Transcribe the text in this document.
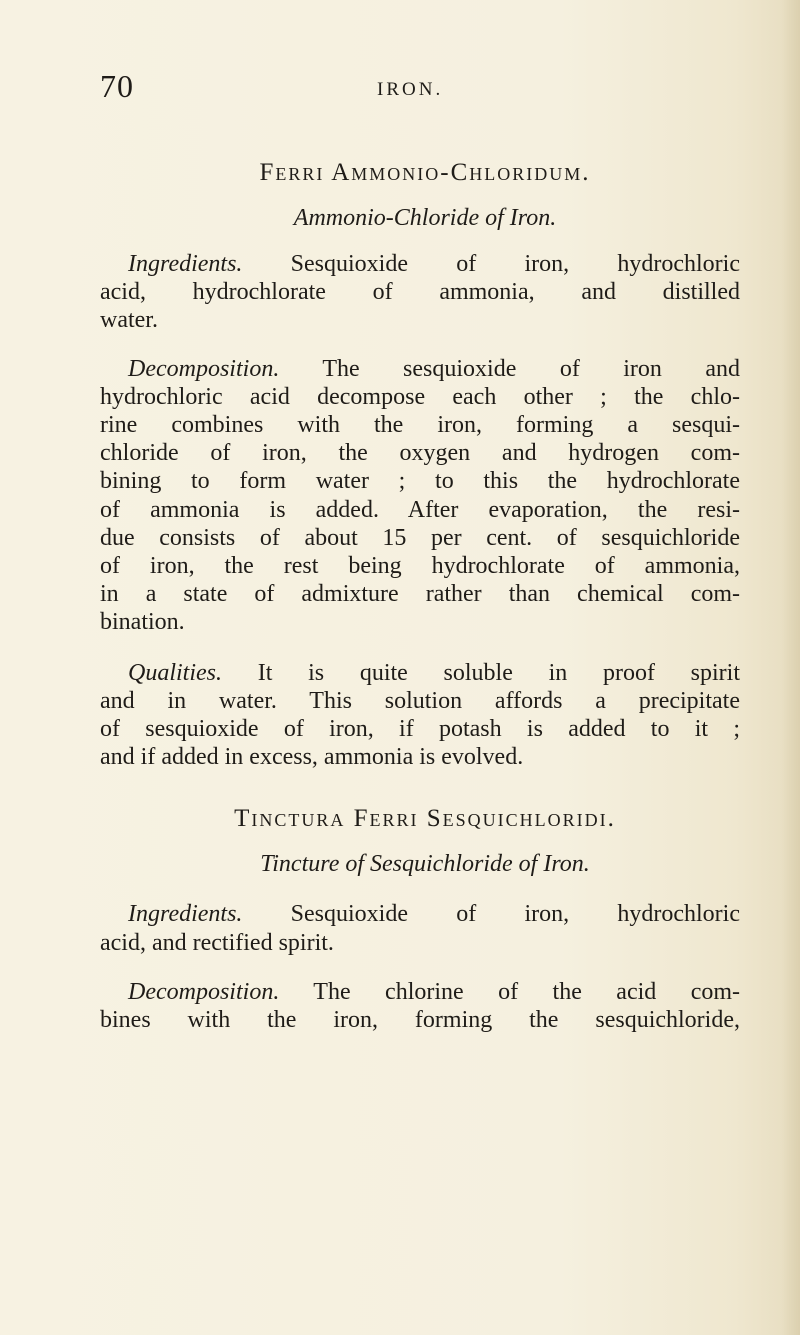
70	IRON.
Ferri Ammonio-Chloridum.
Ammonio-Chloride of Iron.
Ingredients. Sesquioxide of iron, hydrochloric
acid, hydrochlorate of ammonia, and distilled
water.
Decomposition. The sesquioxide of iron and
hydrochloric acid decompose each other ; the chlo-
rine combines with the iron, forming a sesqui-
chloride of iron, the oxygen and hydrogen com-
bining to form water ; to this the hydrochlorate
of ammonia is added. After evaporation, the resi-
due consists of about 15 per cent. of sesquichloride
of iron, the rest being hydrochlorate of ammonia,
in a state of admixture rather than chemical com-
bination.
Qualities. It is quite soluble in proof spirit
and in water. This solution affords a precipitate
of sesquioxide of iron, if potash is added to it ;
and if added in excess, ammonia is evolved.
Tinctura Ferri Sesquichloridi.
Tincture of Sesquichloride of Iron.
Ingredients. Sesquioxide of iron, hydrochloric
acid, and rectified spirit.
Decomposition. The chlorine of the acid com-
bines with the iron, forming the sesquichloride,
